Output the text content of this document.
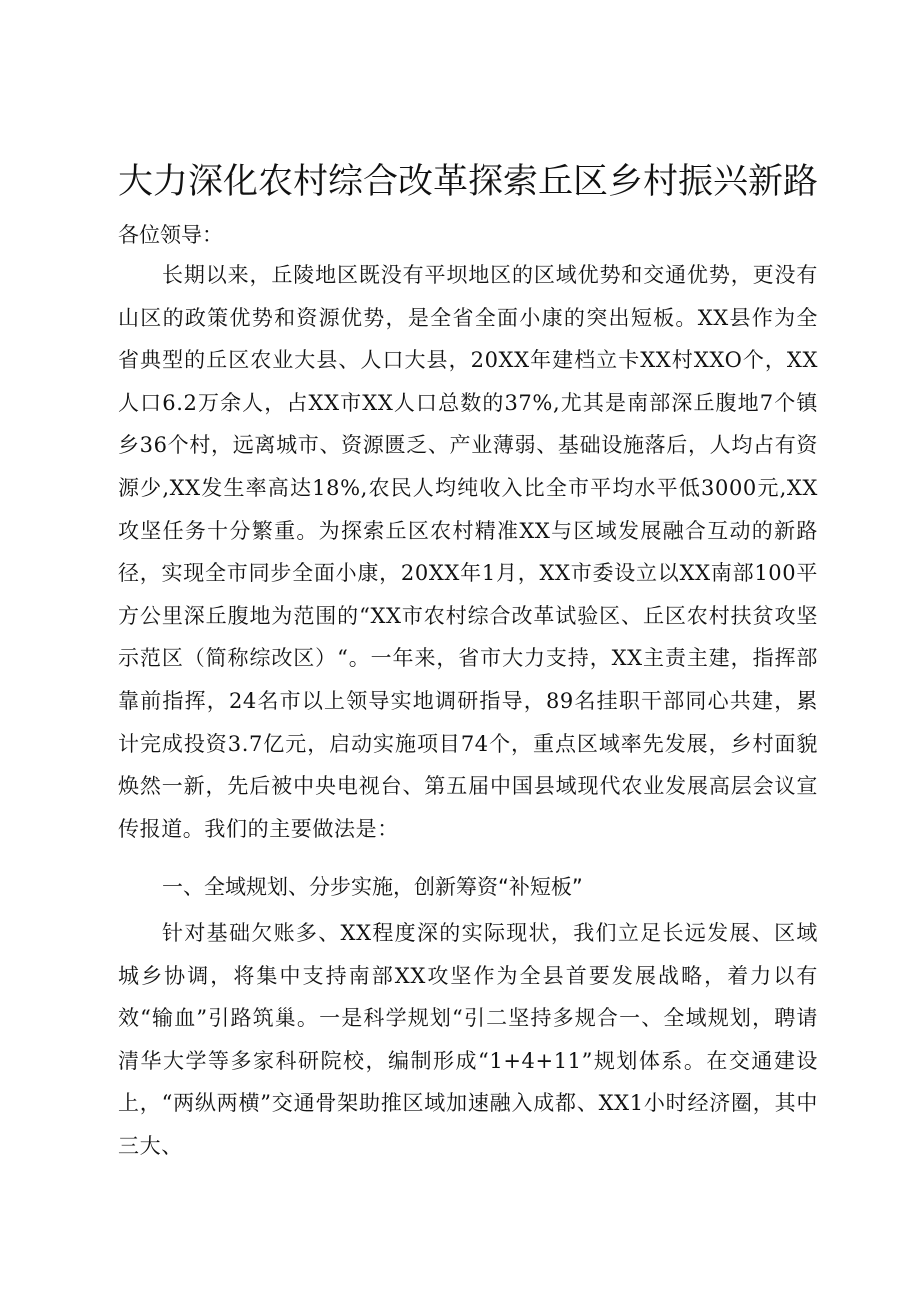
大力深化农村综合改革探索丘区乡村振兴新路

各位领导：

长期以来，丘陵地区既没有平坝地区的区域优势和交通优势，更没有山区的政策优势和资源优势，是全省全面小康的突出短板。XX县作为全省典型的丘区农业大县、人口大县，20XX年建档立卡XX村XXO个，XX人口6.2万余人，占XX市XX人口总数的37%,尤其是南部深丘腹地7个镇乡36个村，远离城市、资源匮乏、产业薄弱、基础设施落后，人均占有资源少,XX发生率高达18%,农民人均纯收入比全市平均水平低3000元,XX攻坚任务十分繁重。为探索丘区农村精准XX与区域发展融合互动的新路径，实现全市同步全面小康，20XX年1月，XX市委设立以XX南部100平方公里深丘腹地为范围的“XX市农村综合改革试验区、丘区农村扶贫攻坚示范区（简称综改区）“。一年来，省市大力支持，XX主责主建，指挥部靠前指挥，24名市以上领导实地调研指导，89名挂职干部同心共建，累计完成投资3.7亿元，启动实施项目74个，重点区域率先发展，乡村面貌焕然一新，先后被中央电视台、第五届中国县域现代农业发展高层会议宣传报道。我们的主要做法是：

一、全域规划、分步实施，创新筹资“补短板”

针对基础欠账多、XX程度深的实际现状，我们立足长远发展、区域城乡协调，将集中支持南部XX攻坚作为全县首要发展战略，着力以有效“输血”引路筑巢。一是科学规划“引二坚持多规合一、全域规划，聘请清华大学等多家科研院校，编制形成“1+4+11”规划体系。在交通建设上，“两纵两横”交通骨架助推区域加速融入成都、XX1小时经济圈，其中三大、
